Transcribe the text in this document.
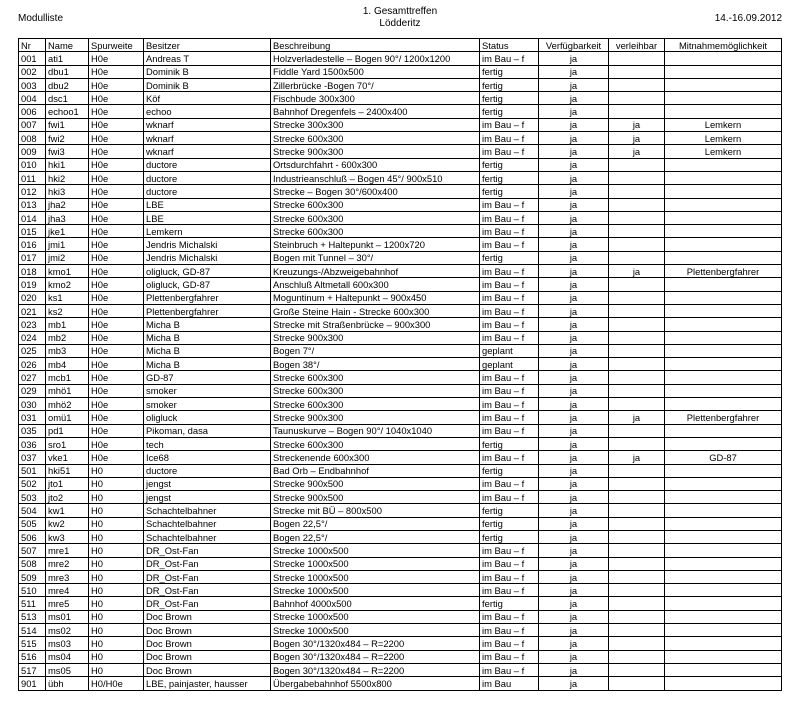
Modulliste
1. Gesamttreffen
Lödderitz	14.-16.09.2012
Nr	Name	Spurweite	Besitzer	Beschreibung	Status	Verfügbarkeit	verleihbar	Mitnahmemöglichkeit
001	ati1	H0e	Andreas T	Holzverladestelle – Bogen 90°/ 1200x1200	im Bau – f	ja		
002	dbu1	H0e	Dominik B	Fiddle Yard 1500x500	fertig	ja		
003	dbu2	H0e	Dominik B	Zillerbrücke -Bogen 70°/	fertig	ja		
004	dsc1	H0e	Köf	Fischbude 300x300	fertig	ja		
006	echoo1	H0e	echoo	Bahnhof Dregenfels – 2400x400	fertig	ja		
007	fwi1	H0e	wknarf	Strecke 300x300	im Bau – f	ja	ja	Lemkern
008	fwi2	H0e	wknarf	Strecke 600x300	im Bau – f	ja	ja	Lemkern
009	fwi3	H0e	wknarf	Strecke 900x300	im Bau – f	ja	ja	Lemkern
010	hki1	H0e	ductore	Ortsdurchfahrt - 600x300	fertig	ja		
011	hki2	H0e	ductore	Industrieanschluß – Bogen 45°/ 900x510	fertig	ja		
012	hki3	H0e	ductore	Strecke – Bogen 30°/600x400	fertig	ja		
013	jha2	H0e	LBE	Strecke 600x300	im Bau – f	ja		
014	jha3	H0e	LBE	Strecke 600x300	im Bau – f	ja		
015	jke1	H0e	Lemkern	Strecke 600x300	im Bau – f	ja		
016	jmi1	H0e	Jendris Michalski	Steinbruch + Haltepunkt – 1200x720	im Bau – f	ja		
017	jmi2	H0e	Jendris Michalski	Bogen mit Tunnel – 30°/	fertig	ja		
018	kmo1	H0e	oligluck, GD-87	Kreuzungs-/Abzweigebahnhof	im Bau – f	ja	ja	Plettenbergfahrer
019	kmo2	H0e	oligluck, GD-87	Anschluß Altmetall 600x300	im Bau – f	ja		
020	ks1	H0e	Plettenbergfahrer	Moguntinum + Haltepunkt – 900x450	im Bau – f	ja		
021	ks2	H0e	Plettenbergfahrer	Große Steine Hain - Strecke 600x300	im Bau – f	ja		
023	mb1	H0e	Micha B	Strecke mit Straßenbrücke – 900x300	im Bau – f	ja		
024	mb2	H0e	Micha B	Strecke 900x300	im Bau – f	ja		
025	mb3	H0e	Micha B	Bogen 7°/	geplant	ja		
026	mb4	H0e	Micha B	Bogen 38°/	geplant	ja		
027	mcb1	H0e	GD-87	Strecke 600x300	im Bau – f	ja		
029	mhö1	H0e	smoker	Strecke 600x300	im Bau – f	ja		
030	mhö2	H0e	smoker	Strecke 600x300	im Bau – f	ja		
031	omü1	H0e	oligluck	Strecke 900x300	im Bau – f	ja	ja	Plettenbergfahrer
035	pd1	H0e	Pikoman, dasa	Taunuskurve – Bogen 90°/ 1040x1040	im Bau – f	ja		
036	sro1	H0e	tech	Strecke 600x300	fertig	ja		
037	vke1	H0e	Ice68	Streckenende 600x300	im Bau – f	ja	ja	GD-87
501	hki51	H0	ductore	Bad Orb – Endbahnhof	fertig	ja		
502	jto1	H0	jengst	Strecke 900x500	im Bau – f	ja		
503	jto2	H0	jengst	Strecke 900x500	im Bau – f	ja		
504	kw1	H0	Schachtelbahner	Strecke mit BÜ – 800x500	fertig	ja		
505	kw2	H0	Schachtelbahner	Bogen 22,5°/	fertig	ja		
506	kw3	H0	Schachtelbahner	Bogen 22,5°/	fertig	ja		
507	mre1	H0	DR_Ost-Fan	Strecke 1000x500	im Bau – f	ja		
508	mre2	H0	DR_Ost-Fan	Strecke 1000x500	im Bau – f	ja		
509	mre3	H0	DR_Ost-Fan	Strecke 1000x500	im Bau – f	ja		
510	mre4	H0	DR_Ost-Fan	Strecke 1000x500	im Bau – f	ja		
511	mre5	H0	DR_Ost-Fan	Bahnhof 4000x500	fertig	ja		
513	ms01	H0	Doc Brown	Strecke 1000x500	im Bau – f	ja		
514	ms02	H0	Doc Brown	Strecke 1000x500	im Bau – f	ja		
515	ms03	H0	Doc Brown	Bogen 30°/1320x484 – R=2200	im Bau – f	ja		
516	ms04	H0	Doc Brown	Bogen 30°/1320x484 – R=2200	im Bau – f	ja		
517	ms05	H0	Doc Brown	Bogen 30°/1320x484 – R=2200	im Bau – f	ja		
901	übh	H0/H0e	LBE, painjaster, hausser	Übergabebahnhof 5500x800	im Bau	ja		
